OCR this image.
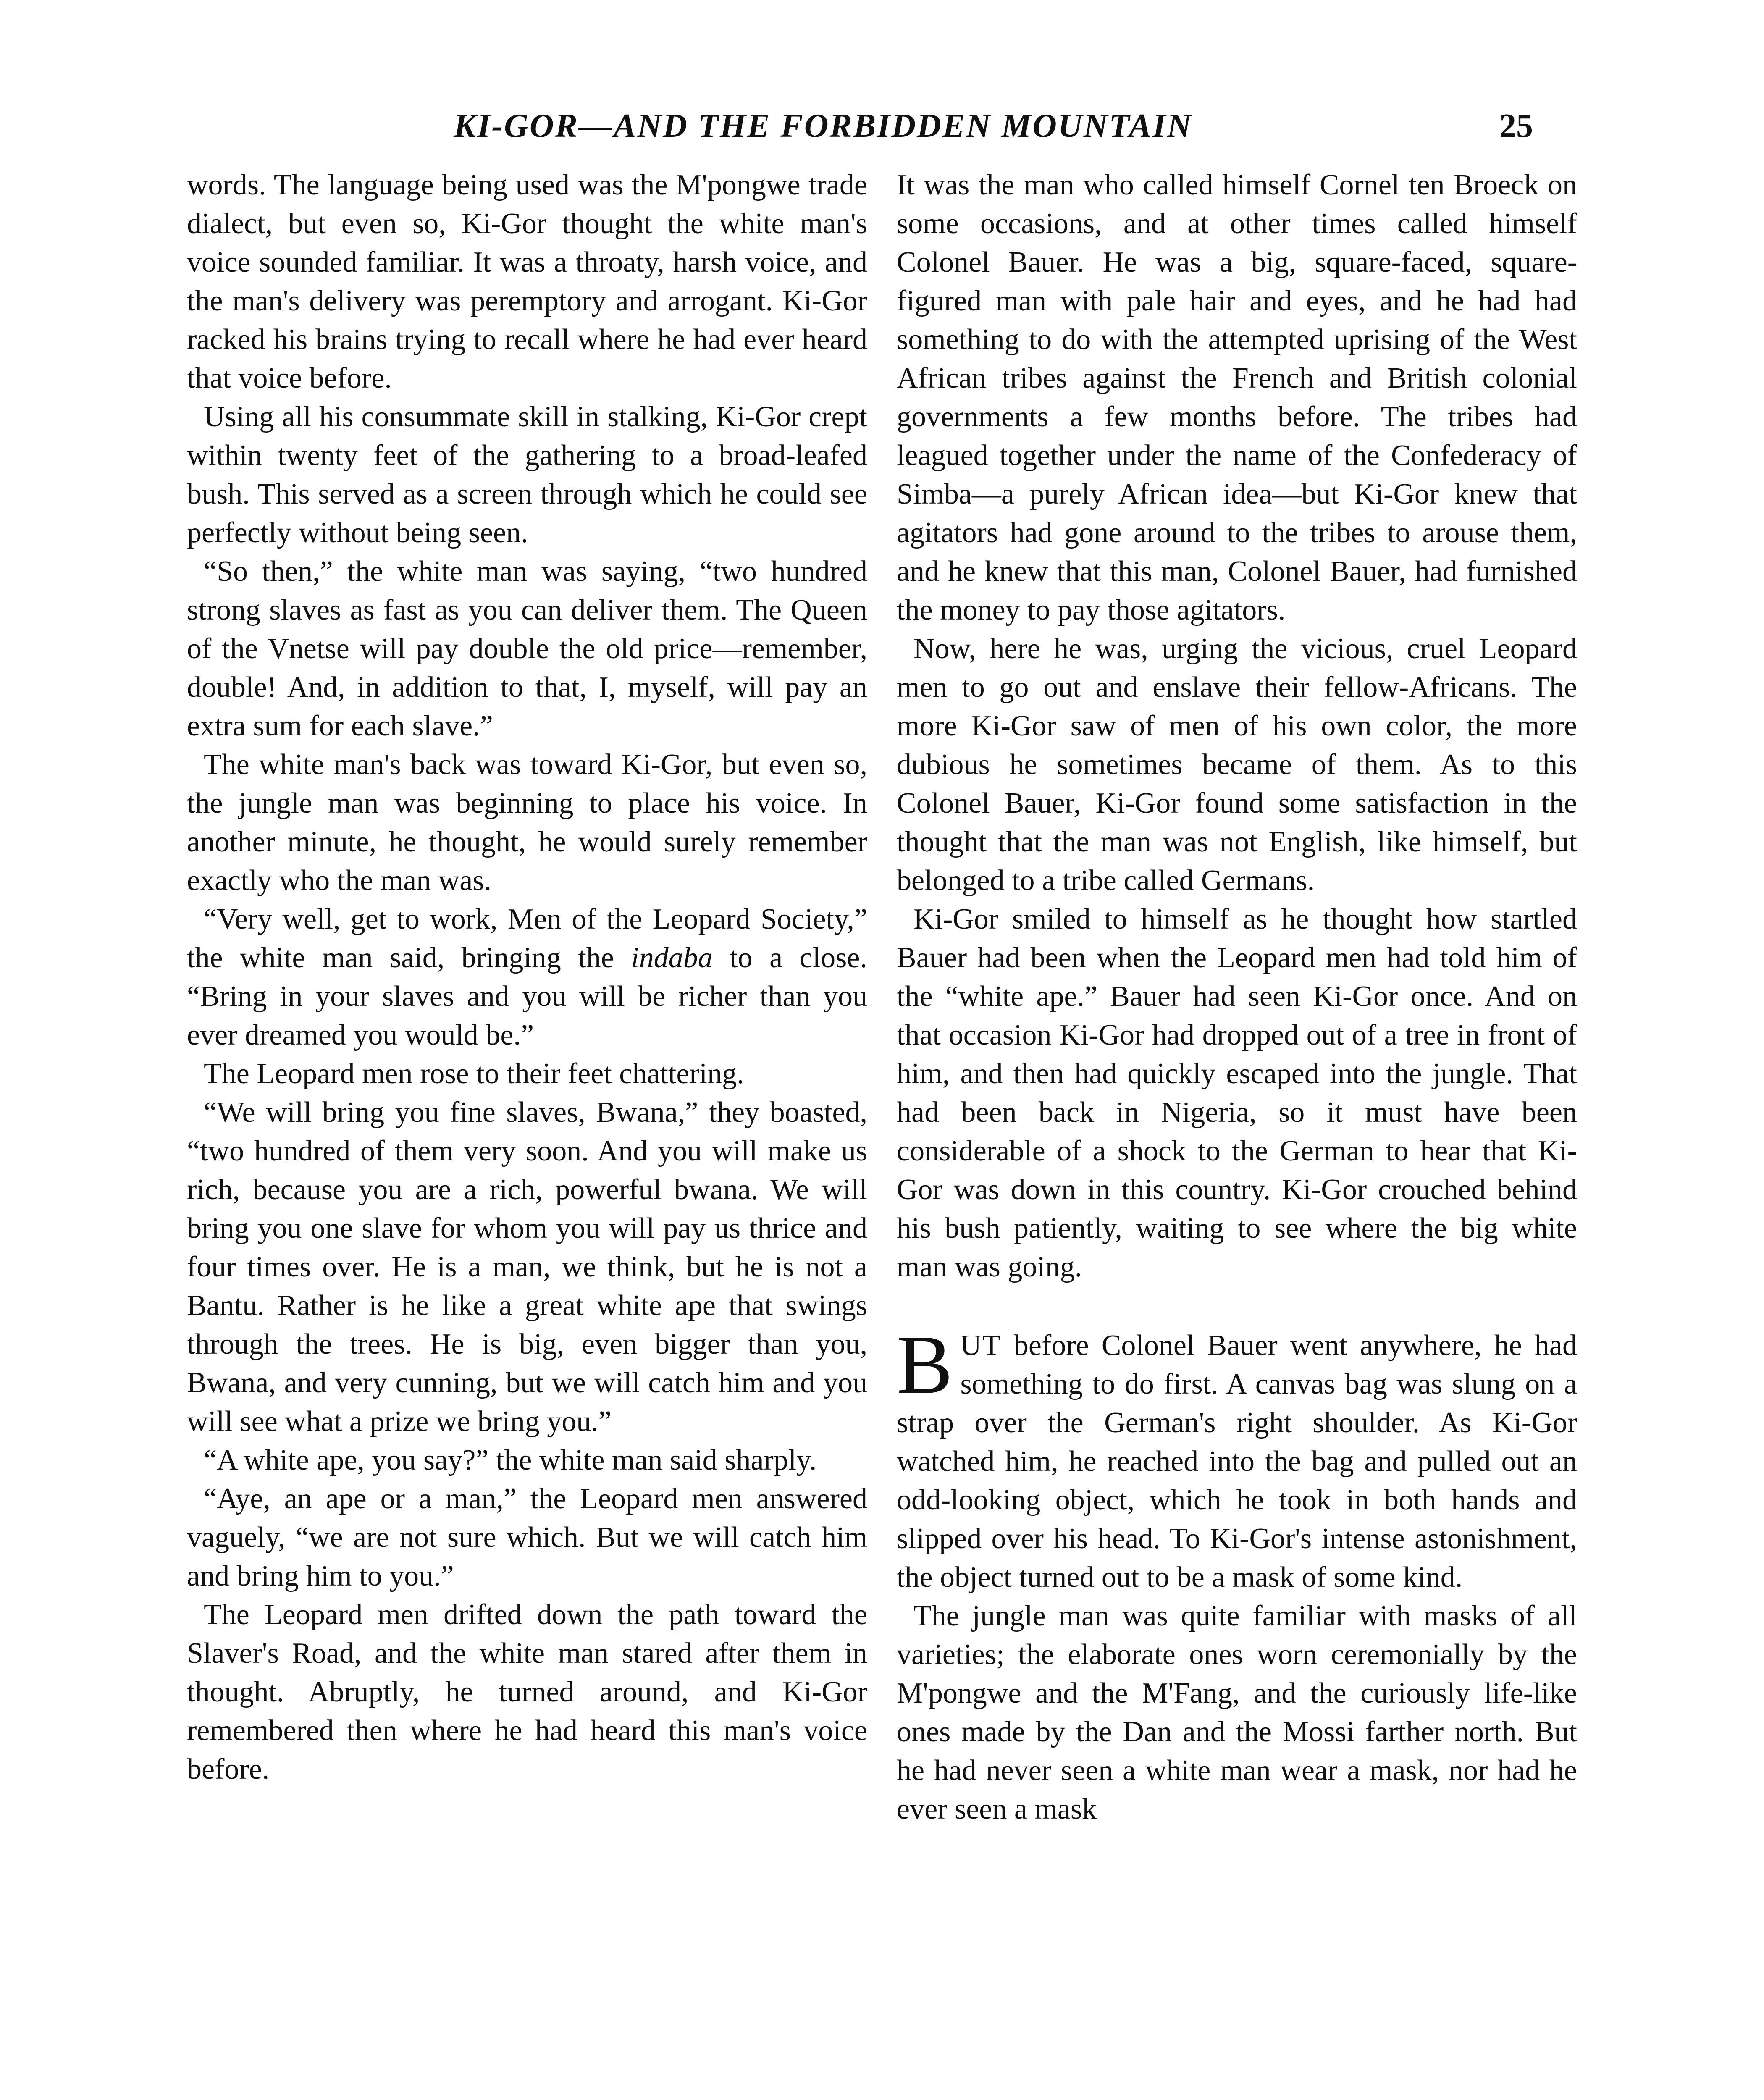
KI-GOR—AND THE FORBIDDEN MOUNTAIN	25

words. The language being used was the M'pongwe trade dialect, but even so, Ki-Gor thought the white man's voice sounded familiar. It was a throaty, harsh voice, and the man's delivery was peremptory and arrogant. Ki-Gor racked his brains trying to recall where he had ever heard that voice before.

Using all his consummate skill in stalking, Ki-Gor crept within twenty feet of the gathering to a broad-leafed bush. This served as a screen through which he could see perfectly without being seen.

“So then,” the white man was saying, “two hundred strong slaves as fast as you can deliver them. The Queen of the Vnetse will pay double the old price—remember, double! And, in addition to that, I, myself, will pay an extra sum for each slave.”

The white man's back was toward Ki-Gor, but even so, the jungle man was beginning to place his voice. In another minute, he thought, he would surely remember exactly who the man was.

“Very well, get to work, Men of the Leopard Society,” the white man said, bringing the indaba to a close. “Bring in your slaves and you will be richer than you ever dreamed you would be.”

The Leopard men rose to their feet chattering.

“We will bring you fine slaves, Bwana,” they boasted, “two hundred of them very soon. And you will make us rich, because you are a rich, powerful bwana. We will bring you one slave for whom you will pay us thrice and four times over. He is a man, we think, but he is not a Bantu. Rather is he like a great white ape that swings through the trees. He is big, even bigger than you, Bwana, and very cunning, but we will catch him and you will see what a prize we bring you.”

“A white ape, you say?” the white man said sharply.

“Aye, an ape or a man,” the Leopard men answered vaguely, “we are not sure which. But we will catch him and bring him to you.”

The Leopard men drifted down the path toward the Slaver's Road, and the white man stared after them in thought. Abruptly, he turned around, and Ki-Gor remembered then where he had heard this man's voice before.

It was the man who called himself Cornel ten Broeck on some occasions, and at other times called himself Colonel Bauer. He was a big, square-faced, square-figured man with pale hair and eyes, and he had had something to do with the attempted uprising of the West African tribes against the French and British colonial governments a few months before. The tribes had leagued together under the name of the Confederacy of Simba—a purely African idea—but Ki-Gor knew that agitators had gone around to the tribes to arouse them, and he knew that this man, Colonel Bauer, had furnished the money to pay those agitators.

Now, here he was, urging the vicious, cruel Leopard men to go out and enslave their fellow-Africans. The more Ki-Gor saw of men of his own color, the more dubious he sometimes became of them. As to this Colonel Bauer, Ki-Gor found some satisfaction in the thought that the man was not English, like himself, but belonged to a tribe called Germans.

Ki-Gor smiled to himself as he thought how startled Bauer had been when the Leopard men had told him of the “white ape.” Bauer had seen Ki-Gor once. And on that occasion Ki-Gor had dropped out of a tree in front of him, and then had quickly escaped into the jungle. That had been back in Nigeria, so it must have been considerable of a shock to the German to hear that Ki-Gor was down in this country. Ki-Gor crouched behind his bush patiently, waiting to see where the big white man was going.

BUT before Colonel Bauer went anywhere, he had something to do first. A canvas bag was slung on a strap over the German's right shoulder. As Ki-Gor watched him, he reached into the bag and pulled out an odd-looking object, which he took in both hands and slipped over his head. To Ki-Gor's intense astonishment, the object turned out to be a mask of some kind.

The jungle man was quite familiar with masks of all varieties; the elaborate ones worn ceremonially by the M'pongwe and the M'Fang, and the curiously life-like ones made by the Dan and the Mossi farther north. But he had never seen a white man wear a mask, nor had he ever seen a mask
